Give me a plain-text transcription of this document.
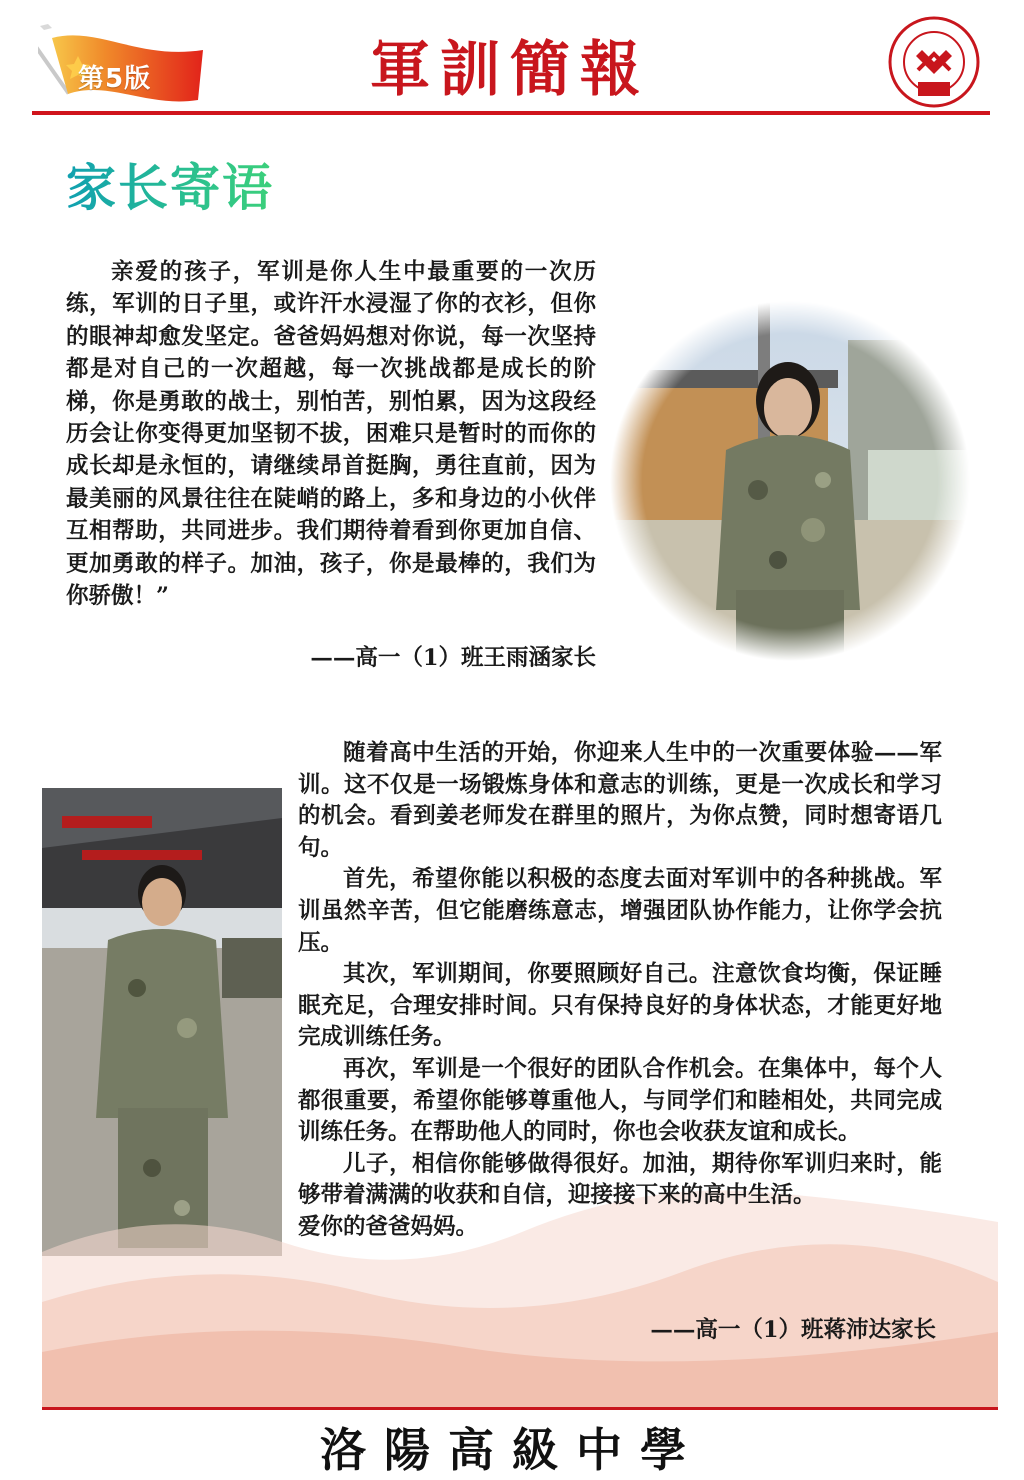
第5版	軍訓簡報
家长寄语

亲爱的孩子，军训是你人生中最重要的一次历练，军训的日子里，或许汗水浸湿了你的衣衫，但你的眼神却愈发坚定。爸爸妈妈想对你说，每一次坚持都是对自己的一次超越，每一次挑战都是成长的阶梯，你是勇敢的战士，别怕苦，别怕累，因为这段经历会让你变得更加坚韧不拔，困难只是暂时的而你的成长却是永恒的，请继续昂首挺胸，勇往直前，因为最美丽的风景往往在陡峭的路上，多和身边的小伙伴互相帮助，共同进步。我们期待着看到你更加自信、更加勇敢的样子。加油，孩子，你是最棒的，我们为你骄傲！”

——高一（1）班王雨涵家长

随着高中生活的开始，你迎来人生中的一次重要体验——军训。这不仅是一场锻炼身体和意志的训练，更是一次成长和学习的机会。看到姜老师发在群里的照片，为你点赞，同时想寄语几句。

首先，希望你能以积极的态度去面对军训中的各种挑战。军训虽然辛苦，但它能磨练意志，增强团队协作能力，让你学会抗压。

其次，军训期间，你要照顾好自己。注意饮食均衡，保证睡眠充足，合理安排时间。只有保持良好的身体状态，才能更好地完成训练任务。

再次，军训是一个很好的团队合作机会。在集体中，每个人都很重要，希望你能够尊重他人，与同学们和睦相处，共同完成训练任务。在帮助他人的同时，你也会收获友谊和成长。

儿子，相信你能够做得很好。加油，期待你军训归来时，能够带着满满的收获和自信，迎接接下来的高中生活。

爱你的爸爸妈妈。

——高一（1）班蒋沛达家长
洛陽高級中學
